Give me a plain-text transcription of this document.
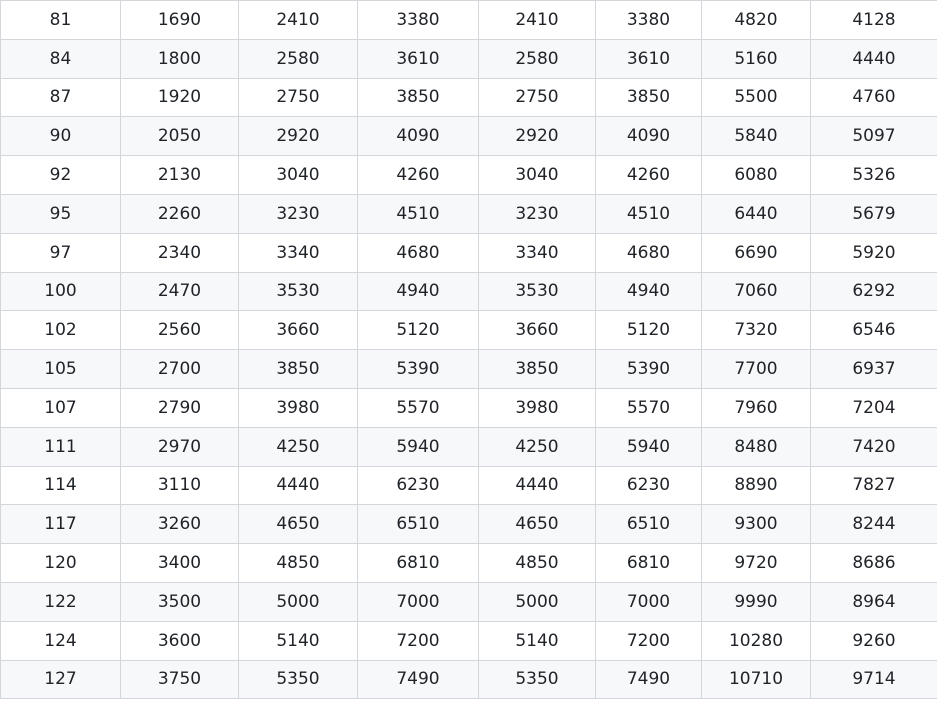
81	1690	2410	3380	2410	3380	4820	4128
84	1800	2580	3610	2580	3610	5160	4440
87	1920	2750	3850	2750	3850	5500	4760
90	2050	2920	4090	2920	4090	5840	5097
92	2130	3040	4260	3040	4260	6080	5326
95	2260	3230	4510	3230	4510	6440	5679
97	2340	3340	4680	3340	4680	6690	5920
100	2470	3530	4940	3530	4940	7060	6292
102	2560	3660	5120	3660	5120	7320	6546
105	2700	3850	5390	3850	5390	7700	6937
107	2790	3980	5570	3980	5570	7960	7204
111	2970	4250	5940	4250	5940	8480	7420
114	3110	4440	6230	4440	6230	8890	7827
117	3260	4650	6510	4650	6510	9300	8244
120	3400	4850	6810	4850	6810	9720	8686
122	3500	5000	7000	5000	7000	9990	8964
124	3600	5140	7200	5140	7200	10280	9260
127	3750	5350	7490	5350	7490	10710	9714
